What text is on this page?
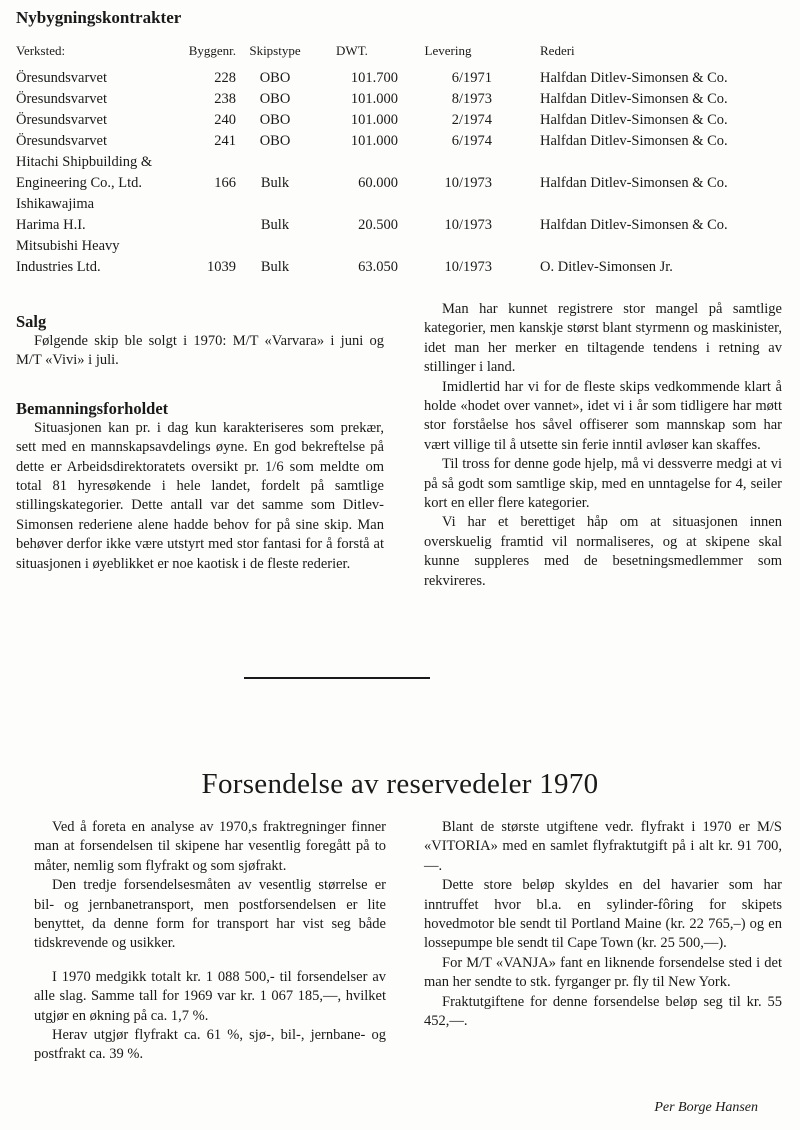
Nybygningskontrakter
Verksted:	Byggenr.	Skipstype	DWT.	Levering	Rederi

Öresundsvarvet	228	OBO	101.700	6/1971	Halfdan Ditlev-Simonsen & Co.

Öresundsvarvet	238	OBO	101.000	8/1973	Halfdan Ditlev-Simonsen & Co.

Öresundsvarvet	240	OBO	101.000	2/1974	Halfdan Ditlev-Simonsen & Co.

Öresundsvarvet	241	OBO	101.000	6/1974	Halfdan Ditlev-Simonsen & Co.

Hitachi Shipbuilding &
Engineering Co., Ltd.	166	Bulk	60.000	10/1973	Halfdan Ditlev-Simonsen & Co.

Ishikawajima
Harima H.I.		Bulk	20.500	10/1973	Halfdan Ditlev-Simonsen & Co.

Mitsubishi Heavy
Industries Ltd.	1039	Bulk	63.050	10/1973	O. Ditlev-Simonsen Jr.

Salg

Følgende skip ble solgt i 1970: M/T «Varvara» i juni og M/T «Vivi» i juli.

Bemanningsforholdet

Situasjonen kan pr. i dag kun karakteriseres som prekær, sett med en mannskapsavdelings øyne. En god bekreftelse på dette er Arbeidsdirektoratets oversikt pr. 1/6 som meldte om total 81 hyresøkende i hele landet, fordelt på samtlige stillingskategorier. Dette antall var det samme som Ditlev-Simonsen rederiene alene hadde behov for på sine skip. Man behøver derfor ikke være utstyrt med stor fantasi for å forstå at situasjonen i øyeblikket er noe kaotisk i de fleste rederier.

Man har kunnet registrere stor mangel på samtlige kategorier, men kanskje størst blant styrmenn og maskinister, idet man her merker en tiltagende tendens i retning av stillinger i land.

Imidlertid har vi for de fleste skips vedkommende klart å holde «hodet over vannet», idet vi i år som tidligere har møtt stor forståelse hos såvel offiserer som mannskap som har vært villige til å utsette sin ferie inntil avløser kan skaffes.

Til tross for denne gode hjelp, må vi dessverre medgi at vi på så godt som samtlige skip, med en unntagelse for 4, seiler kort en eller flere kategorier.

Vi har et berettiget håp om at situasjonen innen overskuelig framtid vil normaliseres, og at skipene skal kunne suppleres med de besetningsmedlemmer som rekvireres.

Forsendelse av reservedeler 1970

Ved å foreta en analyse av 1970,s fraktregninger finner man at forsendelsen til skipene har vesentlig foregått på to måter, nemlig som flyfrakt og som sjøfrakt.

Den tredje forsendelsesmåten av vesentlig størrelse er bil- og jernbanetransport, men postforsendelsen er lite benyttet, da denne form for transport har vist seg både tidskrevende og usikker.

I 1970 medgikk totalt kr. 1 088 500,- til forsendelser av alle slag. Samme tall for 1969 var kr. 1 067 185,—, hvilket utgjør en økning på ca. 1,7 %.

Herav utgjør flyfrakt ca. 61 %, sjø-, bil-, jernbane- og postfrakt ca. 39 %.

Blant de største utgiftene vedr. flyfrakt i 1970 er M/S «VITORIA» med en samlet flyfraktutgift på i alt kr. 91 700,—.

Dette store beløp skyldes en del havarier som har inntruffet hvor bl.a. en sylinder-fôring for skipets hovedmotor ble sendt til Portland Maine (kr. 22 765,–) og en lossepumpe ble sendt til Cape Town (kr. 25 500,—).

For M/T «VANJA» fant en liknende forsendelse sted i det man her sendte to stk. fyrganger pr. fly til New York.

Fraktutgiftene for denne forsendelse beløp seg til kr. 55 452,—.

Per Borge Hansen
